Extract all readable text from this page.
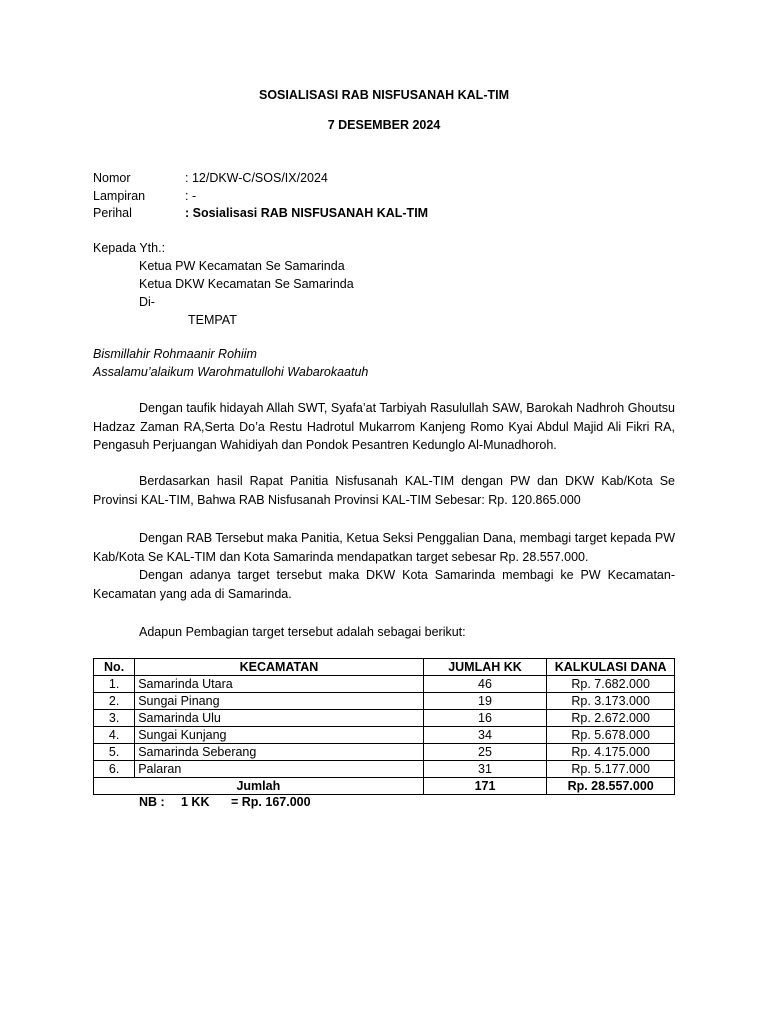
SOSIALISASI RAB NISFUSANAH KAL-TIM
7 DESEMBER 2024
Nomor	: 12/DKW-C/SOS/IX/2024
Lampiran	: -
Perihal	: Sosialisasi RAB NISFUSANAH KAL-TIM
Kepada Yth.:
Ketua PW Kecamatan Se Samarinda
Ketua DKW Kecamatan Se Samarinda
Di-
TEMPAT
Bismillahir Rohmaanir Rohiim
Assalamu’alaikum Warohmatullohi Wabarokaatuh
Dengan taufik hidayah Allah SWT, Syafa’at Tarbiyah Rasulullah SAW, Barokah Nadhroh Ghoutsu Hadzaz Zaman RA,Serta Do’a Restu Hadrotul Mukarrom Kanjeng Romo Kyai Abdul Majid Ali Fikri RA, Pengasuh Perjuangan Wahidiyah dan Pondok Pesantren Kedunglo Al-Munadhoroh.
Berdasarkan hasil Rapat Panitia Nisfusanah KAL-TIM dengan PW dan DKW Kab/Kota Se Provinsi KAL-TIM, Bahwa RAB Nisfusanah Provinsi KAL-TIM Sebesar: Rp. 120.865.000
Dengan RAB Tersebut maka Panitia, Ketua Seksi Penggalian Dana, membagi target kepada PW Kab/Kota Se KAL-TIM dan Kota Samarinda mendapatkan target sebesar Rp. 28.557.000.
Dengan adanya target tersebut maka DKW Kota Samarinda membagi ke PW Kecamatan-Kecamatan yang ada di Samarinda.
Adapun Pembagian target tersebut adalah sebagai berikut:
No.	KECAMATAN	JUMLAH KK	KALKULASI DANA
1.	Samarinda Utara	46	Rp. 7.682.000
2.	Sungai Pinang	19	Rp. 3.173.000
3.	Samarinda Ulu	16	Rp. 2.672.000
4.	Sungai Kunjang	34	Rp. 5.678.000
5.	Samarinda Seberang	25	Rp. 4.175.000
6.	Palaran	31	Rp. 5.177.000
Jumlah		171	Rp. 28.557.000
NB : 1 KK = Rp. 167.000
